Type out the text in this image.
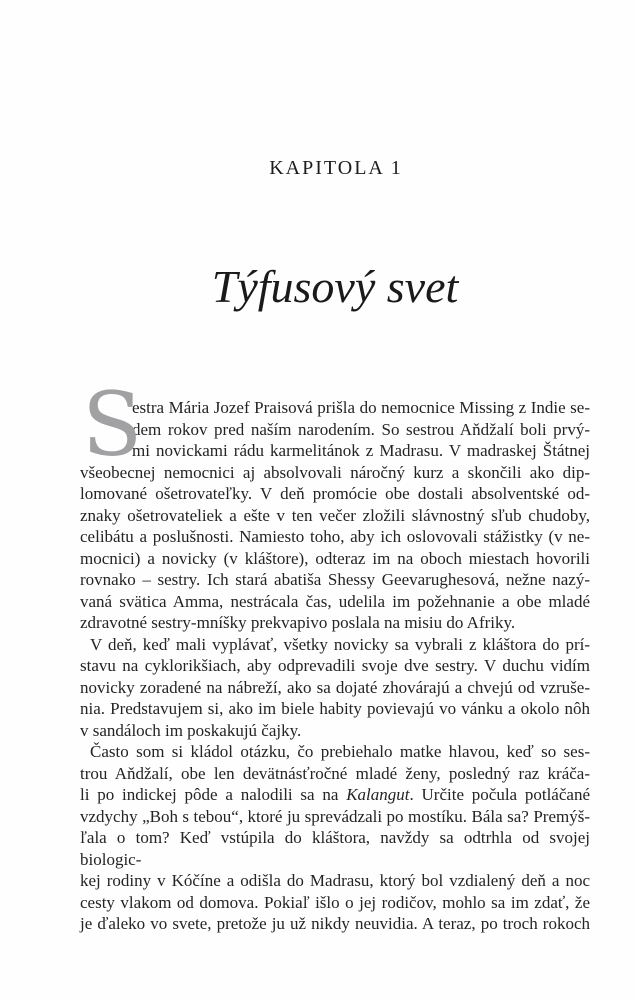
KAPITOLA 1
Týfusový svet
S
estra Mária Jozef Praisová prišla do nemocnice Missing z Indie se-
dem rokov pred naším narodením. So sestrou Aňdžalí boli prvý-
mi novickami rádu karmelitánok z Madrasu. V madraskej Štátnej
všeobecnej nemocnici aj absolvovali náročný kurz a skončili ako dip-
lomované ošetrovateľky. V deň promócie obe dostali absolventské od-
znaky ošetrovateliek a ešte v ten večer zložili slávnostný sľub chudoby,
celibátu a poslušnosti. Namiesto toho, aby ich oslovovali stážistky (v ne-
mocnici) a novicky (v kláštore), odteraz im na oboch miestach hovorili
rovnako – sestry. Ich stará abatiša Shessy Geevarughesová, nežne nazý-
vaná svätica Amma, nestrácala čas, udelila im požehnanie a obe mladé
zdravotné sestry-mníšky prekvapivo poslala na misiu do Afriky.
V deň, keď mali vyplávať, všetky novicky sa vybrali z kláštora do prí-
stavu na cyklorikšiach, aby odprevadili svoje dve sestry. V duchu vidím
novicky zoradené na nábreží, ako sa dojaté zhovárajú a chvejú od vzruše-
nia. Predstavujem si, ako im biele habity povievajú vo vánku a okolo nôh
v sandáloch im poskakujú čajky.
Často som si kládol otázku, čo prebiehalo matke hlavou, keď so ses-
trou Aňdžalí, obe len devätnásťročné mladé ženy, posledný raz kráča-
li po indickej pôde a nalodili sa na Kalangut. Určite počula potláčané
vzdychy „Boh s tebou“, ktoré ju sprevádzali po mostíku. Bála sa? Premýš-
ľala o tom? Keď vstúpila do kláštora, navždy sa odtrhla od svojej biologic-
kej rodiny v Kóčíne a odišla do Madrasu, ktorý bol vzdialený deň a noc
cesty vlakom od domova. Pokiaľ išlo o jej rodičov, mohlo sa im zdať, že
je ďaleko vo svete, pretože ju už nikdy neuvidia. A teraz, po troch rokoch
